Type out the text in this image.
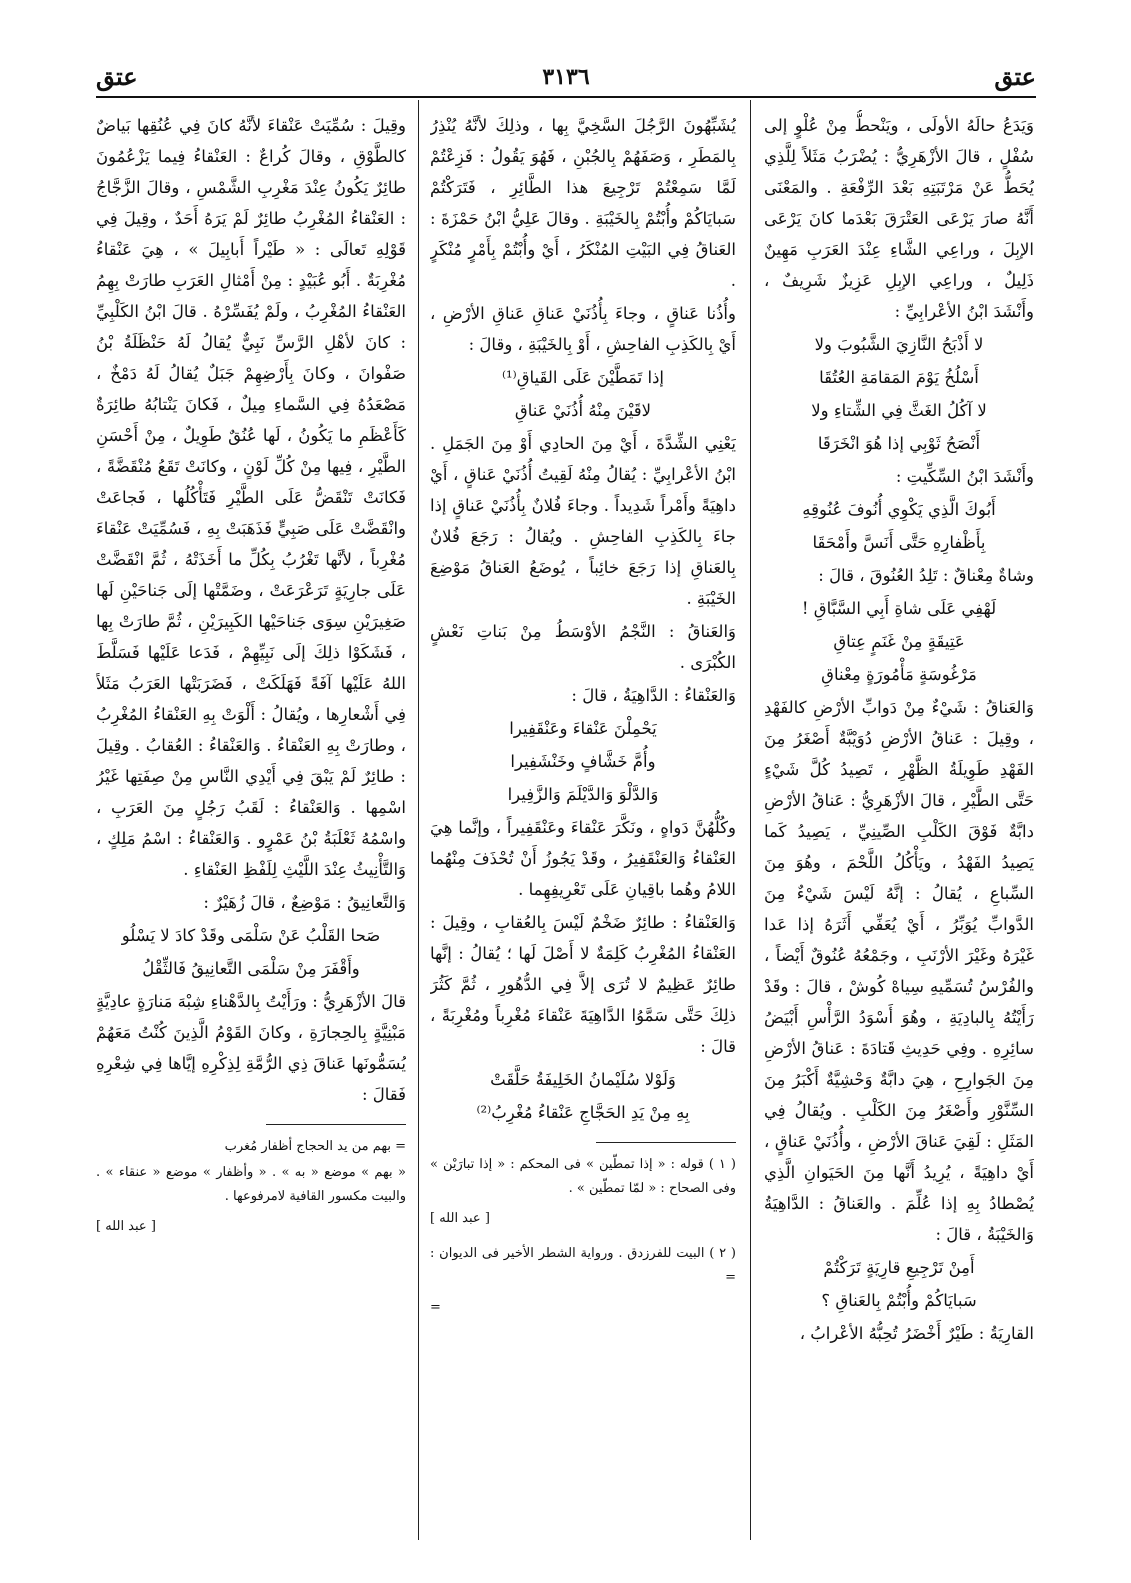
عتق
٣١٣٦
عتق

وَيَدَعُ حالَهُ الأولَى ، ويَنْحطُّ مِنْ عُلْوٍ إلى سُفْلٍ ، قالَ الأزْهَرِيُّ : يُضْرَبُ مَثَلاً لِلَّذِي يُحَطُّ عَنْ مَرْتَبَتِهِ بَعْدَ الرِّفْعَةِ . والمَعْنَى أَنَّهُ صارَ يَرْعَى العَتْرَقَ بَعْدَما كانَ يَرْعَى الإبِلَ ، وراعِي الشَّاءِ عِنْدَ العَرَبِ مَهِينٌ ذَلِيلٌ ، وراعِي الإبِلِ عَزِيزٌ شَرِيفٌ ، وأَنْشَدَ ابْنُ الأعْرابِيِّ :

لا أَذْبَحُ النَّازِيَ الشَّبُوبَ ولا

أَسْلُخُ يَوْمَ المَقامَةِ العُتُقَا

لا آكُلُ الغَثَّ فِي الشِّتاءِ ولا

أَنْصَحُ ثَوْبِي إذا هُوَ انْخَرَقَا

وأَنْشَدَ ابْنُ السِّكِّيتِ :

أَبُوكَ الَّذِي يَكْوِي أُنُوفَ عُنُوقِهِ

بِأَظْفارِهِ حَتَّى أَنَسَّ وأَمْحَقَا

وشاةٌ مِعْناقٌ : تَلِدُ العُنُوقَ ، قالَ :

لَهْفِي عَلَى شاةِ أَبِي السَّبَّاقِ !

عَتِيقَةٍ مِنْ غَنَمٍ عِتاقِ

مَرْغُوسَةٍ مَأْمُورَةٍ مِعْناقِ

وَالعَناقُ : شَيْءٌ مِنْ دَوابِّ الأرْضِ كالفَهْدِ ، وقِيلَ : عَناقُ الأرْضِ دُوَيْبَّةٌ أَصْغَرُ مِنَ الفَهْدِ طَوِيلَةُ الظَّهْرِ ، تَصِيدُ كُلَّ شَيْءٍ حَتَّى الطَّيْرِ ، قالَ الأزْهَرِيُّ : عَناقُ الأرْضِ دابَّةٌ فَوْقَ الكَلْبِ الصِّينِيِّ ، يَصِيدُ كَما يَصِيدُ الفَهْدُ ، ويَأْكُلُ اللَّحْمَ ، وهُوَ مِنَ السِّباعِ ، يُقالُ : إنَّهُ لَيْسَ شَيْءٌ مِنَ الدَّوابِّ يُوَبِّرُ ، أَيْ يُعَفِّي أَثَرَهُ إذا عَدا غَيْرَهُ وغَيْرَ الأرْنَبِ ، وجَمْعُهُ عُنُوقٌ أَيْضاً ، والفُرْسُ تُسَمِّيهِ سِياهْ كُوشْ ، قالَ : وقَدْ رَأَيْتُهُ بِالبادِيَةِ ، وهُوَ أَسْوَدُ الرَّأْسِ أَبْيَضُ سائِرِهِ . وفِي حَدِيثِ قَتادَةَ : عَناقُ الأرْضِ مِنَ الجَوارِحِ ، هِيَ دابَّةٌ وَحْشِيَّةٌ أَكْبَرُ مِنَ السِّنَّوْرِ وأَصْغَرُ مِنَ الكَلْبِ . ويُقالُ فِي المَثَلِ : لَقِيَ عَناقَ الأرْضِ ، وأُذُنَيْ عَناقٍ ، أَيْ داهِيَةً ، يُرِيدُ أَنَّها مِنَ الحَيَوانِ الَّذِي يُصْطادُ بِهِ إذا عُلِّمَ . والعَناقُ : الدَّاهِيَةُ وَالخَيْبَةُ ، قالَ :

أَمِنْ تَرْجِيعِ قارِيَةٍ تَرَكْتُمْ

سَبايَاكُمْ وأُبْتُمْ بِالعَناقِ ؟

القارِيَةُ : طَيْرٌ أَخْضَرُ تُحِبُّهُ الأعْرابُ ،

يُشَبِّهُونَ الرَّجُلَ السَّخِيَّ بِها ، وذلِكَ لأنَّهُ يُنْذِرُ بِالمَطَرِ ، وَصَفَهُمْ بِالجُبْنِ ، فَهُوَ يَقُولُ : فَزِعْتُمْ لَمَّا سَمِعْتُمْ تَرْجِيعَ هذا الطَّائِرِ ، فَتَرَكْتُمْ سَبايَاكُمْ وأُبْتُمْ بِالخَيْبَةِ . وقالَ عَلِيُّ ابْنُ حَمْزَةَ : العَناقُ فِي البَيْتِ المُنْكَرُ ، أَيْ وأُبْتُمْ بِأَمْرٍ مُنْكَرٍ .

وأُذُنا عَناقٍ ، وجاءَ بِأُذُنَيْ عَناقِ عَناقِ الأرْضِ ، أَيْ بِالكَذِبِ الفاحِشِ ، أَوْ بِالخَيْبَةِ ، وقالَ :

إذا تَمَطَّيْنَ عَلَى القَياقِ⁽¹⁾

لاقَيْنَ مِنْهُ أُذُنَيْ عَناقِ

يَعْنِي الشِّدَّةَ ، أَيْ مِنَ الحادِي أَوْ مِنَ الجَمَلِ . ابْنُ الأعْرابِيِّ : يُقالُ مِنْهُ لَقِيتُ أُذُنَيْ عَناقٍ ، أَيْ داهِيَةً وأَمْراً شَدِيداً . وجاءَ فُلانٌ بِأُذُنَيْ عَناقٍ إذا جاءَ بِالكَذِبِ الفاحِشِ . ويُقالُ : رَجَعَ فُلانٌ بِالعَناقِ إذا رَجَعَ خائِباً ، يُوضَعُ العَناقُ مَوْضِعَ الخَيْبَةِ .

وَالعَناقُ : النَّجْمُ الأوْسَطُ مِنْ بَناتِ نَعْشٍ الكُبْرَى .

وَالعَنْقاءُ : الدَّاهِيَةُ ، قالَ :

يَحْمِلْنَ عَنْقاءَ وعَنْقَفِيرا

وأُمَّ خَشَّافٍ وخَنْشَفِيرا

وَالدَّلْوَ وَالدَّيْلَمَ وَالزَّفِيرا

وكُلُّهُنَّ دَواهٍ ، ونَكَّرَ عَنْقاءَ وعَنْقَفِيراً ، وإنَّما هِيَ العَنْقاءُ وَالعَنْقَفِيرُ ، وقَدْ يَجُوزُ أَنْ تُحْذَفَ مِنْهُما اللامُ وهُما باقِيانِ عَلَى تَعْرِيفِهِما .

وَالعَنْقاءُ : طائِرٌ ضَخْمٌ لَيْسَ بِالعُقابِ ، وقِيلَ : العَنْقاءُ المُغْرِبُ كَلِمَةٌ لا أَصْلَ لَها ؛ يُقالُ : إنَّها طائِرٌ عَظِيمٌ لا تُرَى إلاَّ فِي الدُّهُورِ ، ثُمَّ كَثُرَ ذلِكَ حَتَّى سَمَّوُا الدَّاهِيَةَ عَنْقاءَ مُغْرِباً ومُغْرِبَةً ، قالَ :

وَلَوْلا سُلَيْمانُ الخَلِيفَةُ حَلَّقَتْ

بِهِ مِنْ يَدِ الحَجَّاجِ عَنْقاءُ مُغْرِبُ⁽²⁾

( ١ ) قوله : « إذا تمطّين » فى المحكم : « إذا تبارَيْن » وفى الصحاح : « لمّا تمطّين » .

[ عبد الله ]

( ٢ ) البيت للفرزدق . ورواية الشطر الأخير فى الديوان : =

=

وقِيلَ : سُمِّيَتْ عَنْقاءَ لأنَّهُ كانَ فِي عُنُقِها بَياضٌ كالطَّوْقِ ، وقالَ كُراعٌ : العَنْقاءُ فِيما يَزْعُمُونَ طائِرٌ يَكُونُ عِنْدَ مَغْرِبِ الشَّمْسِ ، وقالَ الزَّجَّاجُ : العَنْقاءُ المُغْرِبُ طائِرٌ لَمْ يَرَهُ أَحَدٌ ، وقِيلَ فِي قَوْلِهِ تَعالَى : « طَيْراً أَبابِيلَ » ، هِيَ عَنْقاءُ مُغْرِبَةٌ . أَبُو عُبَيْدٍ : مِنْ أَمْثالِ العَرَبِ طارَتْ بِهِمُ العَنْقاءُ المُغْرِبُ ، ولَمْ يُفَسِّرْهُ . قالَ ابْنُ الكَلْبِيِّ : كانَ لأهْلِ الرَّسِّ نَبِيٌّ يُقالُ لَهُ حَنْظَلَةُ بْنُ صَفْوانَ ، وكانَ بِأَرْضِهِمْ جَبَلٌ يُقالُ لَهُ دَمْخٌ ، مَصْعَدُهُ فِي السَّماءِ مِيلٌ ، فَكانَ يَنْتابُهُ طائِرَةٌ كَأَعْظَمِ ما يَكُونُ ، لَها عُنُقٌ طَوِيلٌ ، مِنْ أَحْسَنِ الطَّيْرِ ، فِيها مِنْ كُلِّ لَوْنٍ ، وكانَتْ تَقَعُ مُنْقَضَّةً ، فَكانَتْ تَنْقَضُّ عَلَى الطَّيْرِ فَتَأْكُلُها ، فَجاعَتْ وانْقَضَّتْ عَلَى صَبِيٍّ فَذَهَبَتْ بِهِ ، فَسُمِّيَتْ عَنْقاءَ مُغْرِباً ، لأنَّها تَغْرُبُ بِكُلِّ ما أَخَذَتْهُ ، ثُمَّ انْقَضَّتْ عَلَى جارِيَةٍ تَرَعْرَعَتْ ، وضَمَّتْها إلَى جَناحَيْنِ لَها صَغِيرَيْنِ سِوَى جَناحَيْها الكَبِيرَيْنِ ، ثُمَّ طارَتْ بِها ، فَشَكَوْا ذلِكَ إلَى نَبِيِّهِمْ ، فَدَعا عَلَيْها فَسَلَّطَ اللهُ عَلَيْها آفَةً فَهَلَكَتْ ، فَضَرَبَتْها العَرَبُ مَثَلاً فِي أَشْعارِها ، ويُقالُ : أَلْوَتْ بِهِ العَنْقاءُ المُغْرِبُ ، وطارَتْ بِهِ العَنْقاءُ . وَالعَنْقاءُ : العُقابُ . وقِيلَ : طائِرٌ لَمْ يَبْقَ فِي أَيْدِي النَّاسِ مِنْ صِفَتِها غَيْرُ اسْمِها . وَالعَنْقاءُ : لَقَبُ رَجُلٍ مِنَ العَرَبِ ، واسْمُهُ ثَعْلَبَةُ بْنُ عَمْرٍو . وَالعَنْقاءُ : اسْمُ مَلِكٍ ، وَالتَّأْنِيثُ عِنْدَ اللَّيْثِ لِلَفْظِ العَنْقاءِ .

وَالتَّعانِيقُ : مَوْضِعٌ ، قالَ زُهَيْرٌ :

صَحا القَلْبُ عَنْ سَلْمَى وقَدْ كادَ لا يَسْلُو

وأَقْفَرَ مِنْ سَلْمَى التَّعانِيقُ فَالثِّقْلُ

قالَ الأزْهَرِيُّ : ورَأَيْتُ بِالدَّهْناءِ شِبْهَ مَنارَةٍ عادِيَّةٍ مَبْنِيَّةٍ بِالحِجارَةِ ، وكانَ القَوْمُ الَّذِينَ كُنْتُ مَعَهُمْ يُسَمُّونَها عَناقَ ذِي الرُّمَّةِ لِذِكْرِهِ إيَّاها فِي شِعْرِهِ فَقالَ :

= بهم من يد الحجاج أظفار مُغرب

« بهم » موضع « به » . « وأظفار » موضع « عنقاء » . والبيت مكسور القافية لامرفوعها .

[ عبد الله ]
